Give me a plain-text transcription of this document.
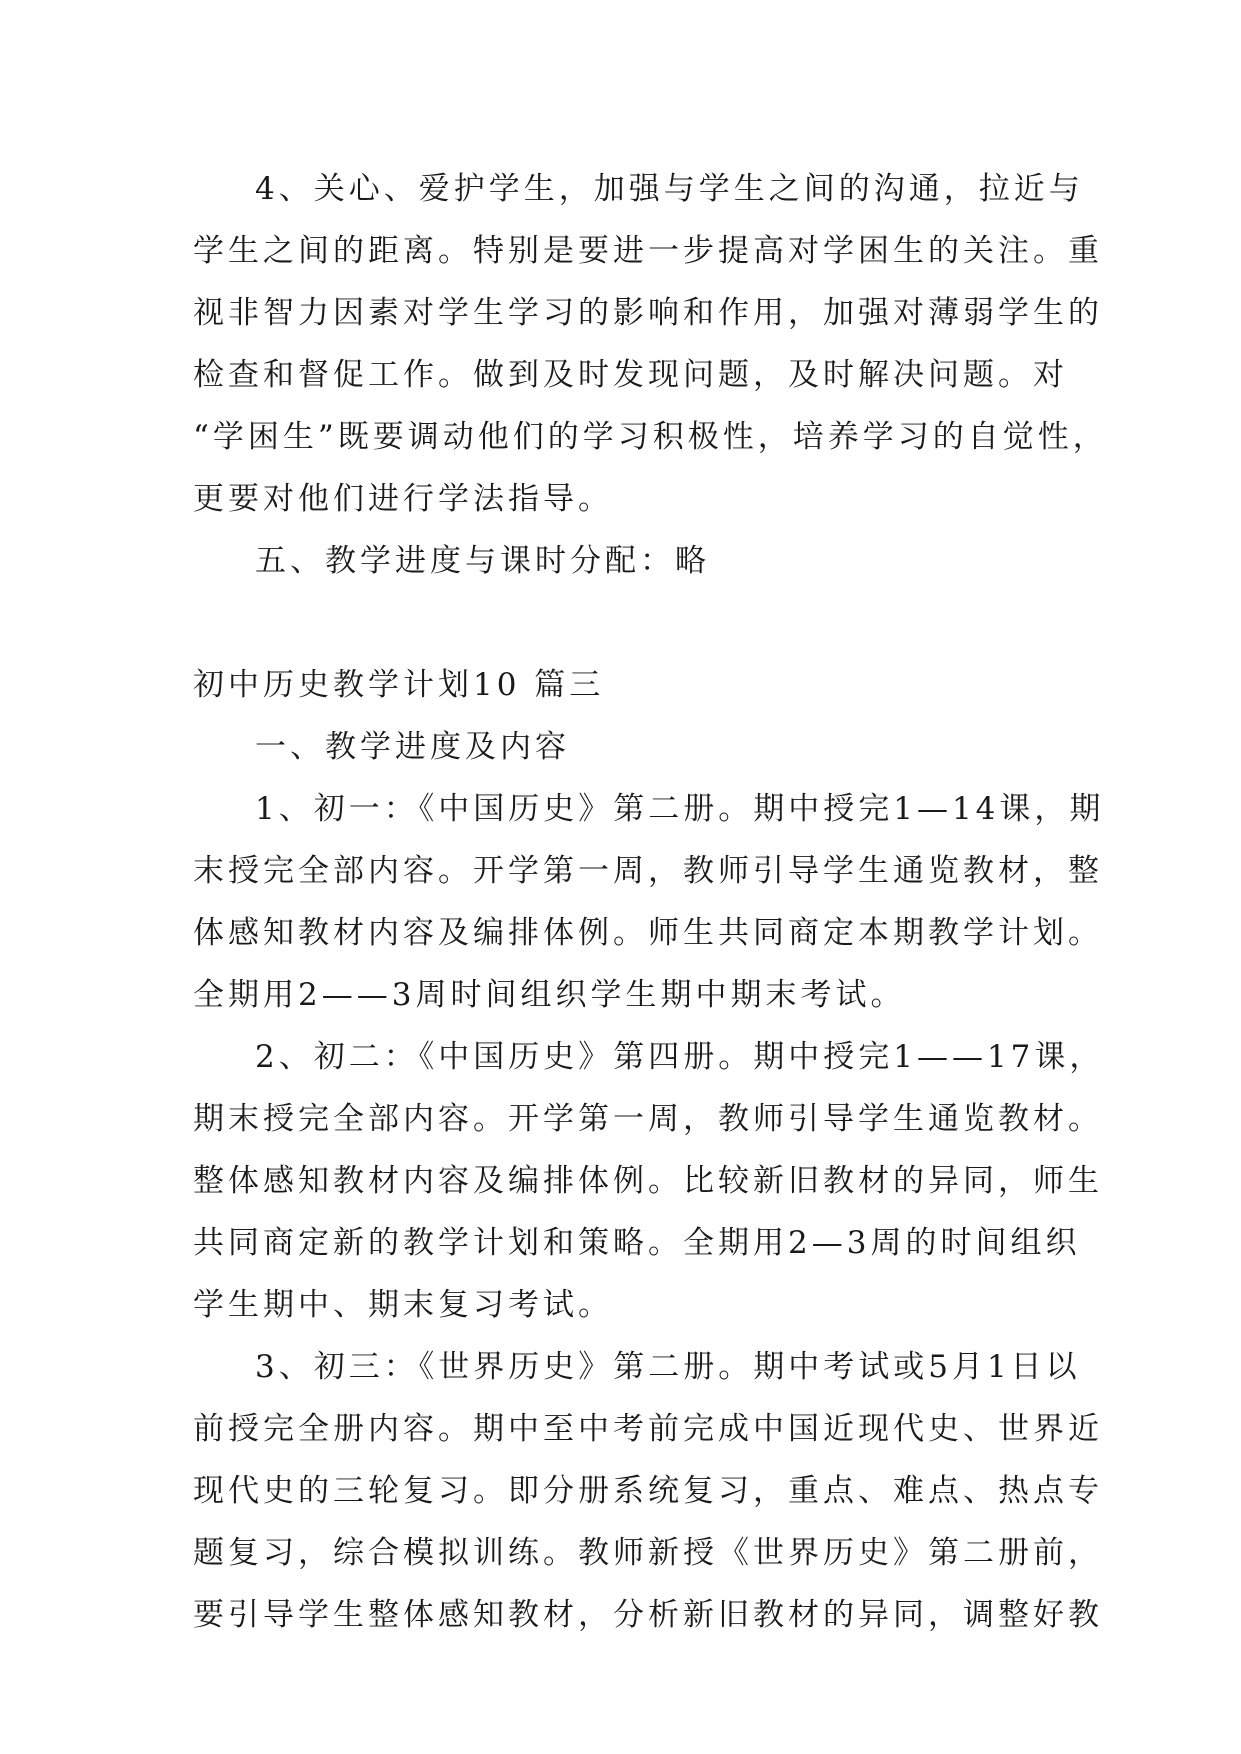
4、关心、爱护学生，加强与学生之间的沟通，拉近与
学生之间的距离。特别是要进一步提高对学困生的关注。重
视非智力因素对学生学习的影响和作用，加强对薄弱学生的
检查和督促工作。做到及时发现问题，及时解决问题。对
“学困生”既要调动他们的学习积极性，培养学习的自觉性，
更要对他们进行学法指导。
五、教学进度与课时分配：略
初中历史教学计划10 篇三
一、教学进度及内容
1、初一：《中国历史》第二册。期中授完1—14课，期
末授完全部内容。开学第一周，教师引导学生通览教材，整
体感知教材内容及编排体例。师生共同商定本期教学计划。
全期用2——3周时间组织学生期中期末考试。
2、初二：《中国历史》第四册。期中授完1——17课，
期末授完全部内容。开学第一周，教师引导学生通览教材。
整体感知教材内容及编排体例。比较新旧教材的异同，师生
共同商定新的教学计划和策略。全期用2—3周的时间组织
学生期中、期末复习考试。
3、初三：《世界历史》第二册。期中考试或5月1日以
前授完全册内容。期中至中考前完成中国近现代史、世界近
现代史的三轮复习。即分册系统复习，重点、难点、热点专
题复习，综合模拟训练。教师新授《世界历史》第二册前，
要引导学生整体感知教材，分析新旧教材的异同，调整好教
